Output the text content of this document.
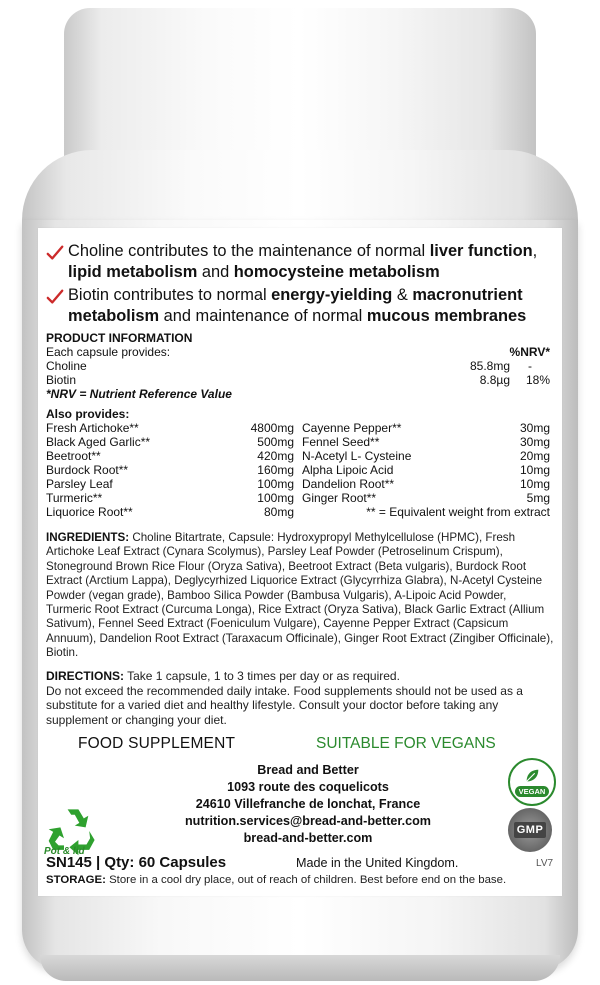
Choline contributes to the maintenance of normal liver function,
lipid metabolism and homocysteine metabolism
Biotin contributes to normal energy-yielding & macronutrient
metabolism and maintenance of normal mucous membranes
PRODUCT INFORMATION
Each capsule provides:	%NRV*
Choline	85.8mg	-
Biotin	8.8µg	18%
*NRV = Nutrient Reference Value
Also provides:
Fresh Artichoke**	4800mg
Black Aged Garlic**	500mg
Beetroot**	420mg
Burdock Root**	160mg
Parsley Leaf	100mg
Turmeric**	100mg
Liquorice Root**	80mg
Cayenne Pepper**	30mg
Fennel Seed**	30mg
N-Acetyl L- Cysteine	20mg
Alpha Lipoic Acid	10mg
Dandelion Root**	10mg
Ginger Root**	5mg
** = Equivalent weight from extract
INGREDIENTS: Choline Bitartrate, Capsule: Hydroxypropyl Methylcellulose (HPMC), Fresh Artichoke Leaf Extract (Cynara Scolymus), Parsley Leaf Powder (Petroselinum Crispum), Stoneground Brown Rice Flour (Oryza Sativa), Beetroot Extract (Beta vulgaris), Burdock Root Extract (Arctium Lappa), Deglycyrhized Liquorice Extract (Glycyrrhiza Glabra), N-Acetyl Cysteine Powder (vegan grade), Bamboo Silica Powder (Bambusa Vulgaris), A-Lipoic Acid Powder, Turmeric Root Extract (Curcuma Longa), Rice Extract (Oryza Sativa), Black Garlic Extract (Allium Sativum), Fennel Seed Extract (Foeniculum Vulgare), Cayenne Pepper Extract (Capsicum Annuum), Dandelion Root Extract (Taraxacum Officinale), Ginger Root Extract (Zingiber Officinale), Biotin.
DIRECTIONS: Take 1 capsule, 1 to 3 times per day or as required.
Do not exceed the recommended daily intake. Food supplements should not be used as a substitute for a varied diet and healthy lifestyle. Consult your doctor before taking any supplement or changing your diet.
FOOD SUPPLEMENT	SUITABLE FOR VEGANS
Bread and Better
1093 route des coquelicots
24610 Villefranche de lonchat, France
nutrition.services@bread-and-better.com
bread-and-better.com
Pot & lid
VEGAN
GMP
SN145 | Qty: 60 Capsules	Made in the United Kingdom.	LV7
STORAGE: Store in a cool dry place, out of reach of children. Best before end on the base.
